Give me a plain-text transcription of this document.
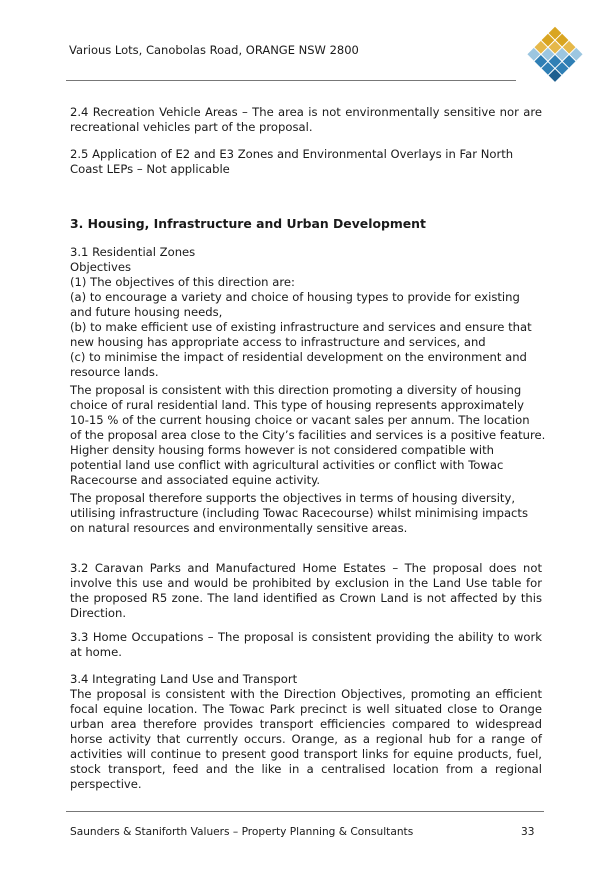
Various Lots, Canobolas Road, ORANGE NSW 2800

2.4 Recreation Vehicle Areas – The area is not environmentally sensitive nor are recreational vehicles part of the proposal.

2.5 Application of E2 and E3 Zones and Environmental Overlays in Far North Coast LEPs – Not applicable

3. Housing, Infrastructure and Urban Development
3.1 Residential Zones
Objectives
(1) The objectives of this direction are:
(a) to encourage a variety and choice of housing types to provide for existing
and future housing needs,
(b) to make efficient use of existing infrastructure and services and ensure that
new housing has appropriate access to infrastructure and services, and
(c) to minimise the impact of residential development on the environment and
resource lands.
The proposal is consistent with this direction promoting a diversity of housing
choice of rural residential land. This type of housing represents approximately
10-15 % of the current housing choice or vacant sales per annum. The location
of the proposal area close to the City’s facilities and services is a positive feature.
Higher density housing forms however is not considered compatible with
potential land use conflict with agricultural activities or conflict with Towac
Racecourse and associated equine activity.
The proposal therefore supports the objectives in terms of housing diversity,
utilising infrastructure (including Towac Racecourse) whilst minimising impacts
on natural resources and environmentally sensitive areas.

3.2 Caravan Parks and Manufactured Home Estates – The proposal does not involve this use and would be prohibited by exclusion in the Land Use table for the proposed R5 zone. The land identified as Crown Land is not affected by this Direction.

3.3 Home Occupations – The proposal is consistent providing the ability to work at home.

3.4 Integrating Land Use and Transport
The proposal is consistent with the Direction Objectives, promoting an efficient focal equine location. The Towac Park precinct is well situated close to Orange urban area therefore provides transport efficiencies compared to widespread horse activity that currently occurs. Orange, as a regional hub for a range of activities will continue to present good transport links for equine products, fuel, stock transport, feed and the like in a centralised location from a regional perspective.
Saunders & Staniforth Valuers – Property Planning & Consultants	33
